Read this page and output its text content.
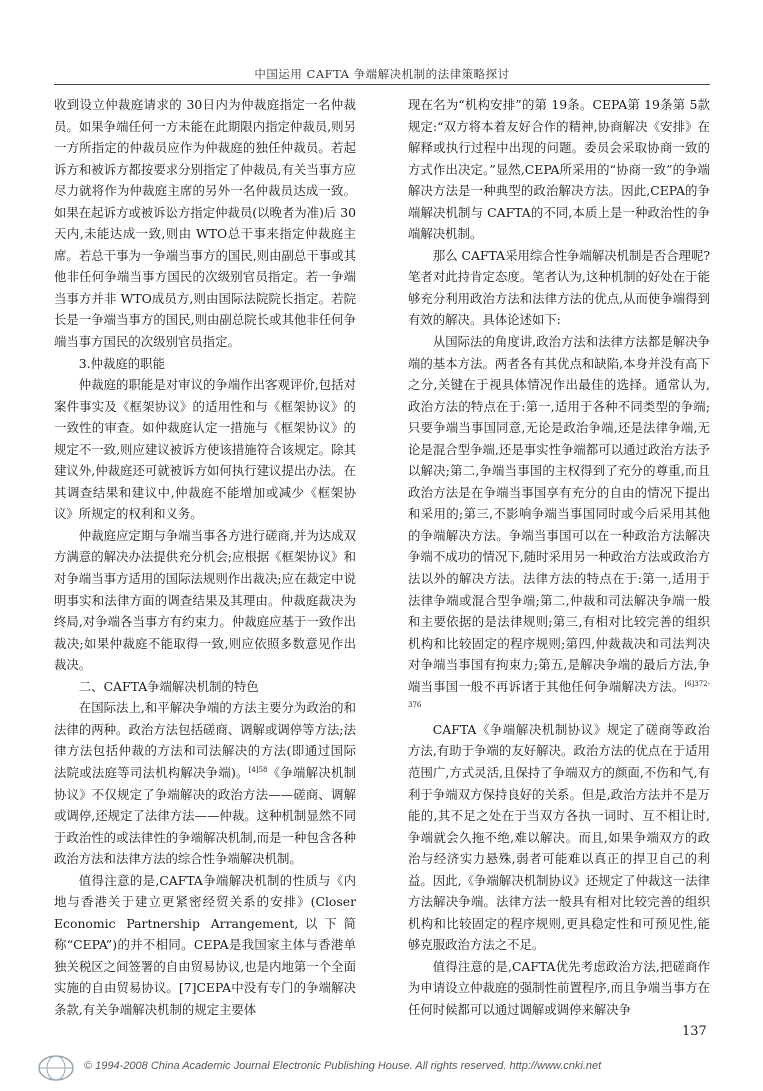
中国运用 CAFTA 争端解决机制的法律策略探讨

收到设立仲裁庭请求的 30日内为仲裁庭指定一名仲裁员。如果争端任何一方未能在此期限内指定仲裁员,则另一方所指定的仲裁员应作为仲裁庭的独任仲裁员。若起诉方和被诉方都按要求分别指定了仲裁员,有关当事方应尽力就将作为仲裁庭主席的另外一名仲裁员达成一致。如果在起诉方或被诉讼方指定仲裁员(以晚者为准)后 30天内,未能达成一致,则由 WTO总干事来指定仲裁庭主席。若总干事为一争端当事方的国民,则由副总干事或其他非任何争端当事方国民的次级别官员指定。若一争端当事方并非 WTO成员方,则由国际法院院长指定。若院长是一争端当事方的国民,则由副总院长或其他非任何争端当事方国民的次级别官员指定。

3.仲裁庭的职能

仲裁庭的职能是对审议的争端作出客观评价,包括对案件事实及《框架协议》的适用性和与《框架协议》的一致性的审查。如仲裁庭认定一措施与《框架协议》的规定不一致,则应建议被诉方使该措施符合该规定。除其建议外,仲裁庭还可就被诉方如何执行建议提出办法。在其调查结果和建议中,仲裁庭不能增加或减少《框架协议》所规定的权利和义务。

仲裁庭应定期与争端当事各方进行磋商,并为达成双方满意的解决办法提供充分机会;应根据《框架协议》和对争端当事方适用的国际法规则作出裁决;应在裁定中说明事实和法律方面的调查结果及其理由。仲裁庭裁决为终局,对争端各当事方有约束力。仲裁庭应基于一致作出裁决;如果仲裁庭不能取得一致,则应依照多数意见作出裁决。

二、CAFTA争端解决机制的特色

在国际法上,和平解决争端的方法主要分为政治的和法律的两种。政治方法包括磋商、调解或调停等方法;法律方法包括仲裁的方法和司法解决的方法(即通过国际法院或法庭等司法机构解决争端)。$^{[4]58}$《争端解决机制协议》不仅规定了争端解决的政治方法——磋商、调解或调停,还规定了法律方法——仲裁。这种机制显然不同于政治性的或法律性的争端解决机制,而是一种包含各种政治方法和法律方法的综合性争端解决机制。

值得注意的是,CAFTA争端解决机制的性质与《内地与香港关于建立更紧密经贸关系的安排》(Closer Economic Partnership Arrangement,以下简称“CEPA”)的并不相同。CEPA是我国家主体与香港单独关税区之间签署的自由贸易协议,也是内地第一个全面实施的自由贸易协议。[7]CEPA中没有专门的争端解决条款,有关争端解决机制的规定主要体

现在名为“机构安排”的第 19条。CEPA第 19条第 5款规定:“双方将本着友好合作的精神,协商解决《安排》在解释或执行过程中出现的问题。委员会采取协商一致的方式作出决定。”显然,CEPA所采用的“协商一致”的争端解决方法是一种典型的政治解决方法。因此,CEPA的争端解决机制与 CAFTA的不同,本质上是一种政治性的争端解决机制。

那么 CAFTA采用综合性争端解决机制是否合理呢?笔者对此持肯定态度。笔者认为,这种机制的好处在于能够充分利用政治方法和法律方法的优点,从而使争端得到有效的解决。具体论述如下:

从国际法的角度讲,政治方法和法律方法都是解决争端的基本方法。两者各有其优点和缺陷,本身并没有高下之分,关键在于视具体情况作出最佳的选择。通常认为,政治方法的特点在于:第一,适用于各种不同类型的争端;只要争端当事国同意,无论是政治争端,还是法律争端,无论是混合型争端,还是事实性争端都可以通过政治方法予以解决;第二,争端当事国的主权得到了充分的尊重,而且政治方法是在争端当事国享有充分的自由的情况下提出和采用的;第三,不影响争端当事国同时或今后采用其他的争端解决方法。争端当事国可以在一种政治方法解决争端不成功的情况下,随时采用另一种政治方法或政治方法以外的解决方法。法律方法的特点在于:第一,适用于法律争端或混合型争端;第二,仲裁和司法解决争端一般和主要依据的是法律规则;第三,有相对比较完善的组织机构和比较固定的程序规则;第四,仲裁裁决和司法判决对争端当事国有拘束力;第五,是解决争端的最后方法,争端当事国一般不再诉诸于其他任何争端解决方法。$^{[6]372-376}$

CAFTA《争端解决机制协议》规定了磋商等政治方法,有助于争端的友好解决。政治方法的优点在于适用范围广,方式灵活,且保持了争端双方的颜面,不伤和气,有利于争端双方保持良好的关系。但是,政治方法并不是万能的,其不足之处在于当双方各执一词时、互不相让时,争端就会久拖不绝,难以解决。而且,如果争端双方的政治与经济实力悬殊,弱者可能难以真正的捍卫自己的利益。因此,《争端解决机制协议》还规定了仲裁这一法律方法解决争端。法律方法一般具有相对比较完善的组织机构和比较固定的程序规则,更具稳定性和可预见性,能够克服政治方法之不足。

值得注意的是,CAFTA优先考虑政治方法,把磋商作为申请设立仲裁庭的强制性前置程序,而且争端当事方在任何时候都可以通过调解或调停来解决争

137
© 1994-2008 China Academic Journal Electronic Publishing House. All rights reserved. http://www.cnki.net
